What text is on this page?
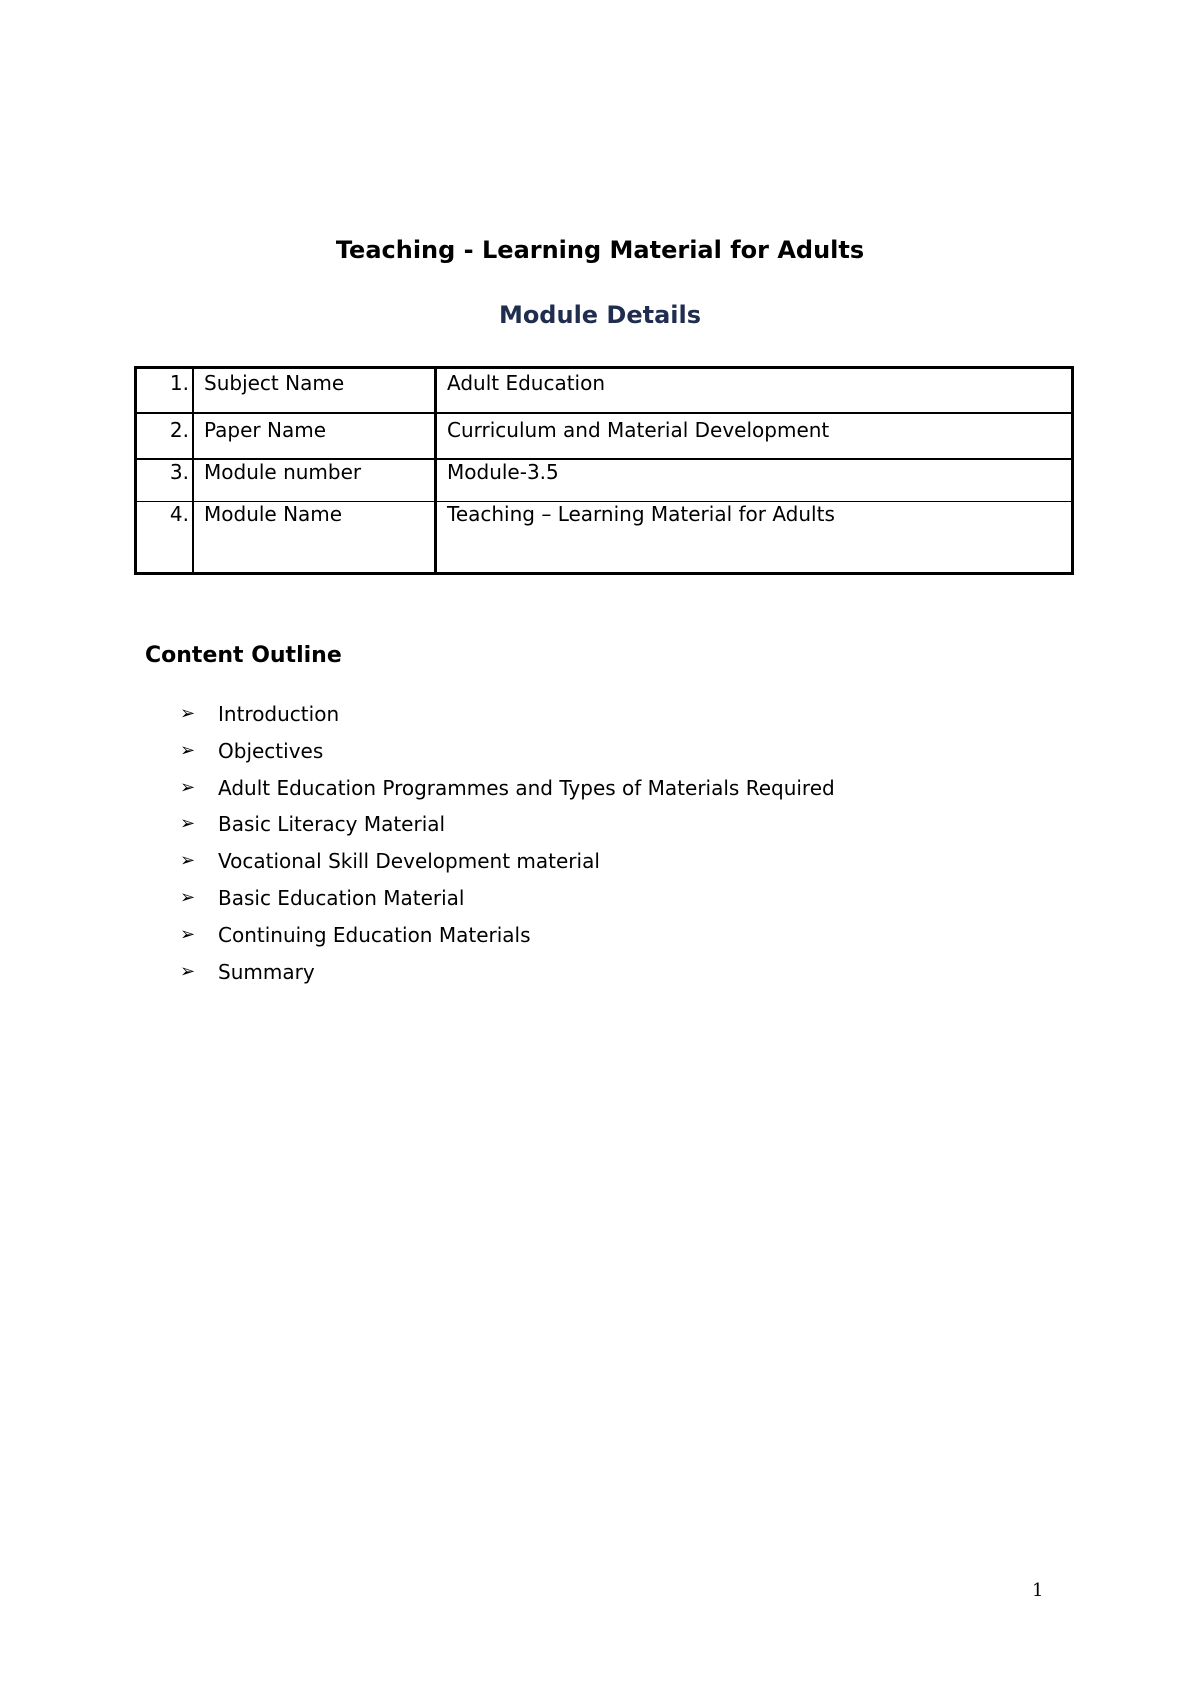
Teaching - Learning Material for Adults
Module Details
1.	Subject Name	Adult Education
2.	Paper Name	Curriculum and Material Development
3.	Module number	Module-3.5
4.	Module Name	Teaching – Learning Material for Adults
Content Outline
➢	Introduction
➢	Objectives
➢	Adult Education Programmes and Types of Materials Required
➢	Basic Literacy Material
➢	Vocational Skill Development material
➢	Basic Education Material
➢	Continuing Education Materials
➢	Summary
1
